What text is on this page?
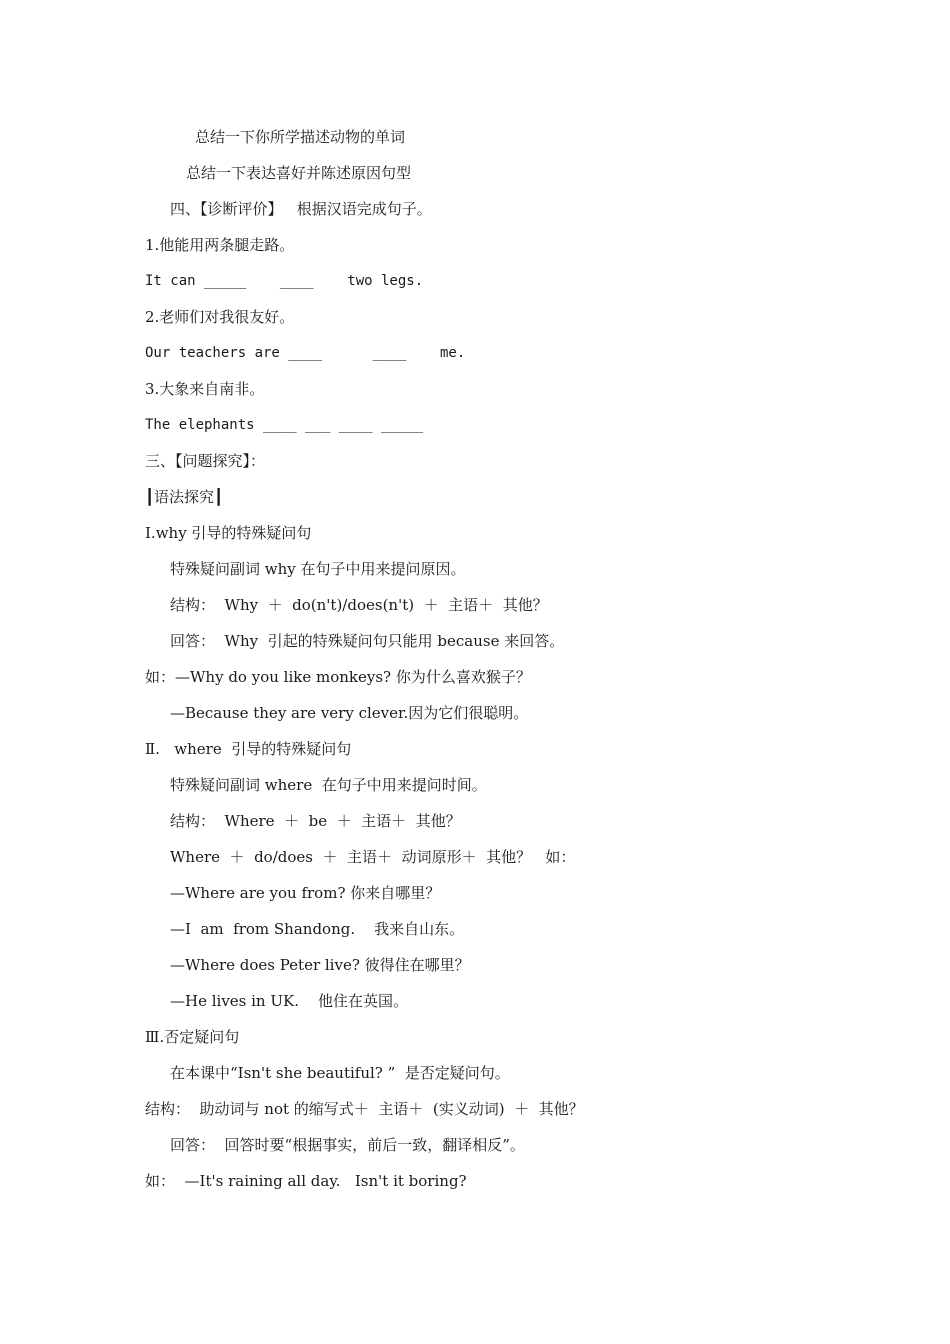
总结一下你所学描述动物的单词
总结一下表达喜好并陈述原因句型
四、【诊断评价】   根据汉语完成句子。
1.他能用两条腿走路。
It can _____    ____    two legs.
2.老师们对我很友好。
Our teachers are ____      ____    me.
3.大象来自南非。
The elephants ____ ___ ____ _____
三、【问题探究】：
┃语法探究┃
Ⅰ.why 引导的特殊疑问句
特殊疑问副词 why 在句子中用来提问原因。
结构：  Why  ＋  do(n't)/does(n't)  ＋  主语＋  其他？
回答：  Why  引起的特殊疑问句只能用 because 来回答。
如：—Why do you like monkeys? 你为什么喜欢猴子？
—Because they are very clever.因为它们很聪明。
Ⅱ.   where  引导的特殊疑问句
特殊疑问副词 where  在句子中用来提问时间。
结构：  Where  ＋  be  ＋  主语＋  其他？
Where  ＋  do/does  ＋  主语＋  动词原形＋  其他？   如：
—Where are you from? 你来自哪里？
—I  am  from Shandong.    我来自山东。
—Where does Peter live? 彼得住在哪里？
—He lives in UK.    他住在英国。
Ⅲ.否定疑问句
在本课中“Isn't she beautiful? ”  是否定疑问句。
结构：  助动词与 not 的缩写式＋  主语＋  (实义动词)  ＋  其他？
回答：  回答时要“根据事实，前后一致，翻译相反”。
如：  —It's raining all day.   Isn't it boring?
